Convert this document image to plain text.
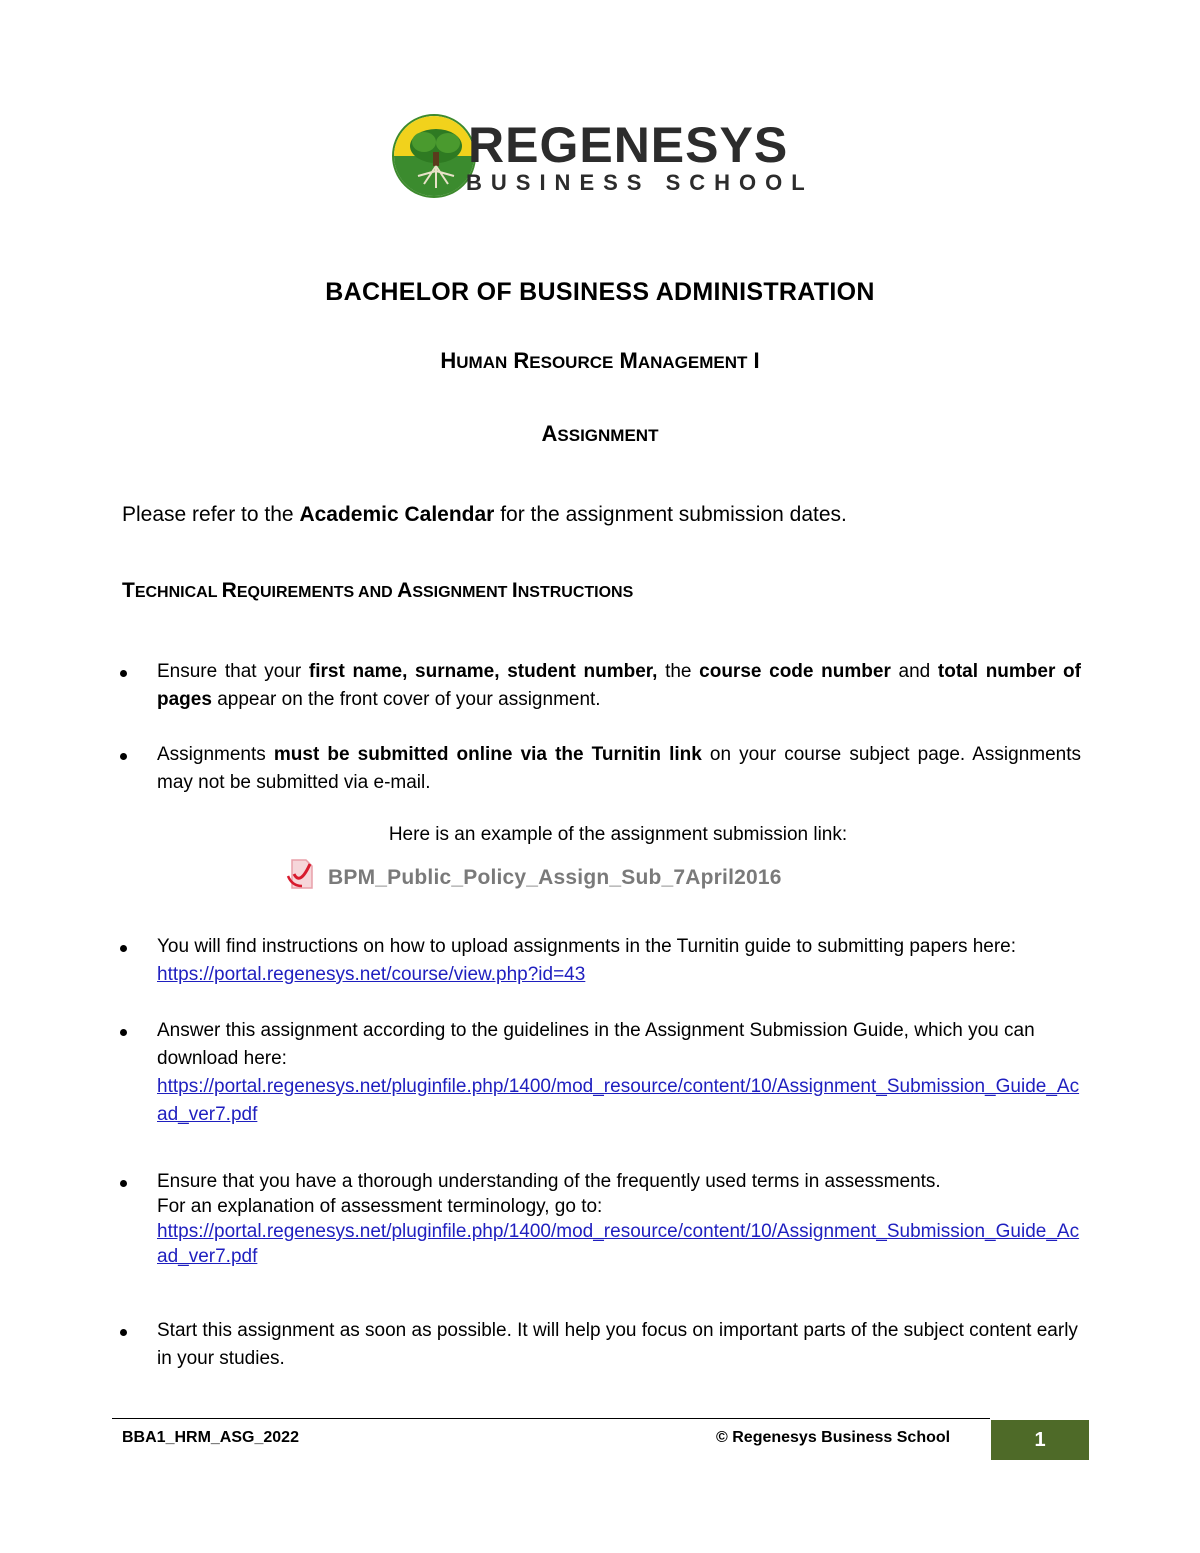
REGENESYS
BUSINESS SCHOOL
BACHELOR OF BUSINESS ADMINISTRATION
HUMAN RESOURCE MANAGEMENT I
ASSIGNMENT
Please refer to the Academic Calendar for the assignment submission dates.
TECHNICAL REQUIREMENTS AND ASSIGNMENT INSTRUCTIONS
Ensure that your first name, surname, student number, the course code number and total number of pages appear on the front cover of your assignment.
Assignments must be submitted online via the Turnitin link on your course subject page. Assignments may not be submitted via e-mail.
Here is an example of the assignment submission link:
BPM_Public_Policy_Assign_Sub_7April2016
You will find instructions on how to upload assignments in the Turnitin guide to submitting papers here: https://portal.regenesys.net/course/view.php?id=43
Answer this assignment according to the guidelines in the Assignment Submission Guide, which you can download here:
https://portal.regenesys.net/pluginfile.php/1400/mod_resource/content/10/Assignment_Submission_Guide_Acad_ver7.pdf
Ensure that you have a thorough understanding of the frequently used terms in assessments.
For an explanation of assessment terminology, go to:
https://portal.regenesys.net/pluginfile.php/1400/mod_resource/content/10/Assignment_Submission_Guide_Acad_ver7.pdf
Start this assignment as soon as possible. It will help you focus on important parts of the subject content early in your studies.
BBA1_HRM_ASG_2022	© Regenesys Business School	1
